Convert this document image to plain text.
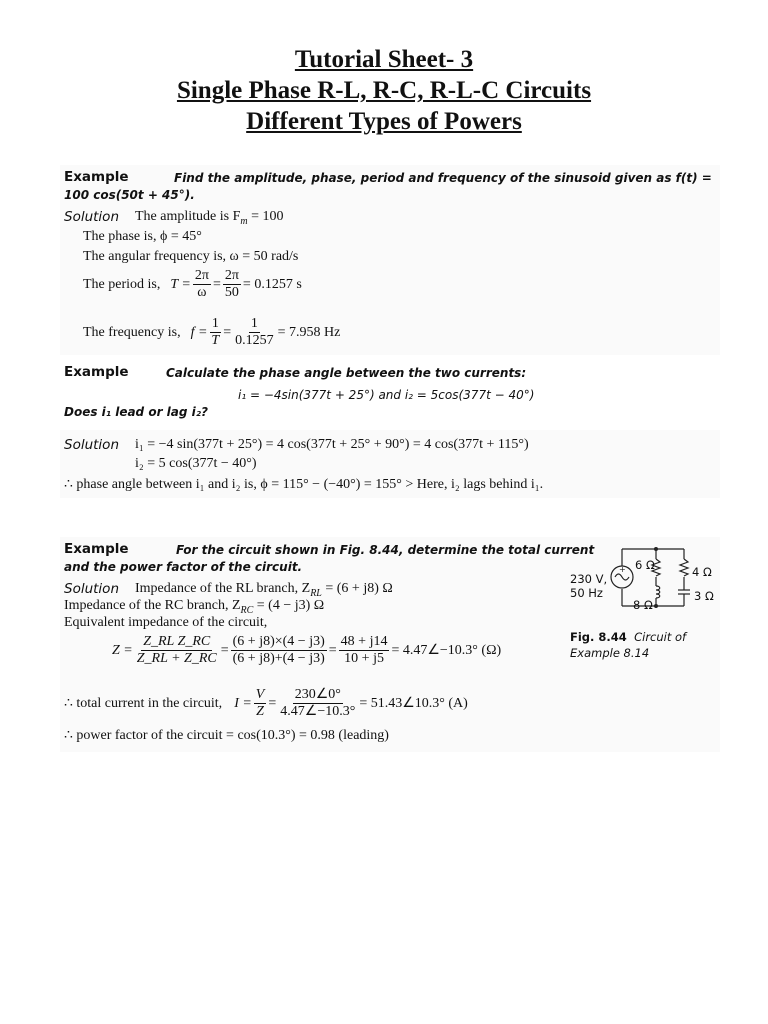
Tutorial Sheet- 3
Single Phase R-L, R-C, R-L-C Circuits
Different Types of Powers
Example	Find the amplitude, phase, period and frequency of the sinusoid given as f(t) =
100 cos(50t + 45°).
Solution The amplitude is $F_m = 100$
The phase is, ϕ = 45°
The angular frequency is, ω = 50 rad/s
The period is, $T = \frac{2\pi}{\omega} = \frac{2\pi}{50} = 0.1257$ s
The frequency is, $f = \frac{1}{T} = \frac{1}{0.1257} = 7.958$ Hz
Example	Calculate the phase angle between the two currents:
i₁ = −4sin(377t + 25°) and i₂ = 5cos(377t − 40°)
Does i₁ lead or lag i₂?
Solution i₁ = −4 sin(377t + 25°) = 4 cos(377t + 25° + 90°) = 4 cos(377t + 115°)
i₂ = 5 cos(377t − 40°)
∴ phase angle between i₁ and i₂ is, ϕ = 115° − (−40°) = 155° > Here, i₂ lags behind i₁.
Example	For the circuit shown in Fig. 8.44, determine the total current
and the power factor of the circuit.
Solution Impedance of the RL branch, $Z_{RL} = (6 + j8)$ Ω
Impedance of the RC branch, $Z_{RC} = (4 - j3)$ Ω
Equivalent impedance of the circuit,
$Z = \frac{\text{Z\_RL Z\_RC}}{Z\_RL + Z\_RC} = \frac{(6 + j8)\times(4 - j3)}{(6 + j8)+(4 - j3)} = \frac{48 + j14}{10 + j5}$ = 4.47∠−10.3° (Ω)
∴ total current in the circuit, $I = \frac{V}{Z} = \frac{230\angle 0^\circ}{4.47\angle-10.3^\circ}$ = 51.43∠10.3° (A)
∴ power factor of the circuit = cos(10.3°) = 0.98 (leading)
+
230 V,
50 Hz
6 Ω
8 Ω
4 Ω
3 Ω
Fig. 8.44 Circuit of
Example 8.14
